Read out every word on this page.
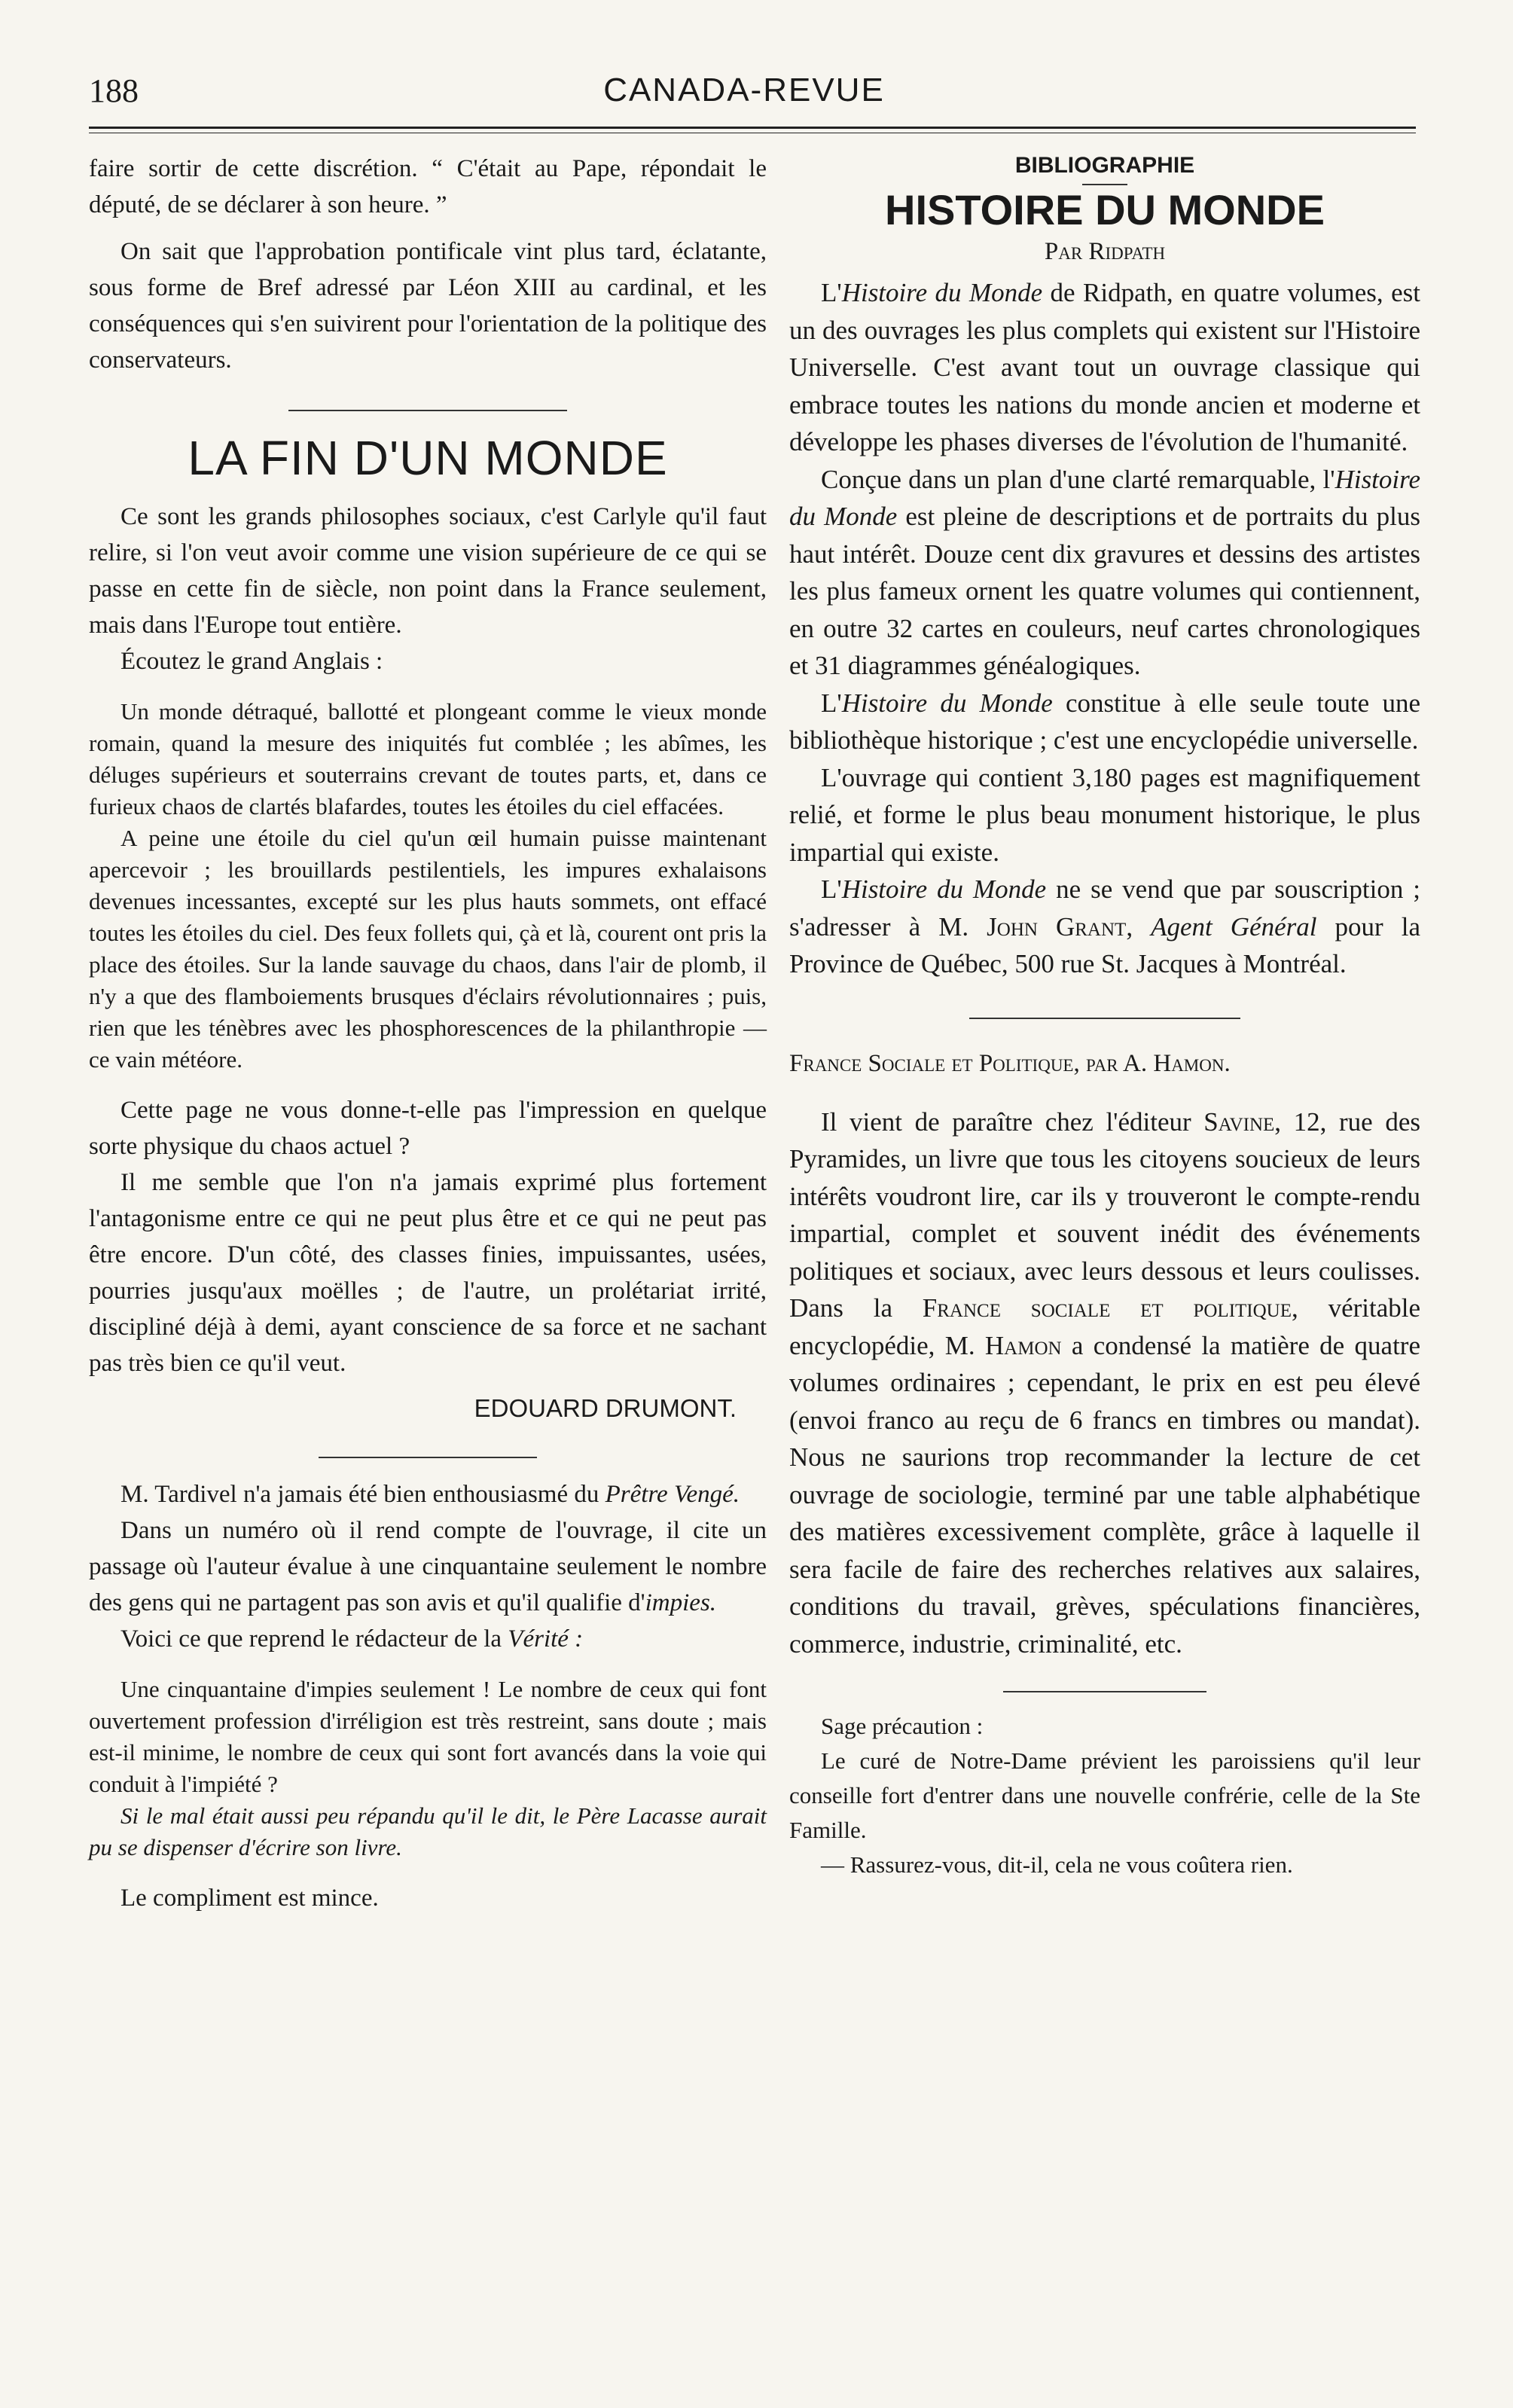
188	CANADA-REVUE

faire sortir de cette discrétion. “ C'était au Pape, répondait le député, de se déclarer à son heure. ”

On sait que l'approbation pontificale vint plus tard, éclatante, sous forme de Bref adressé par Léon XIII au cardinal, et les conséquences qui s'en suivirent pour l'orientation de la politique des conservateurs.

LA FIN D'UN MONDE

Ce sont les grands philosophes sociaux, c'est Carlyle qu'il faut relire, si l'on veut avoir comme une vision supérieure de ce qui se passe en cette fin de siècle, non point dans la France seulement, mais dans l'Europe tout entière.

Écoutez le grand Anglais :

Un monde détraqué, ballotté et plongeant comme le vieux monde romain, quand la mesure des iniquités fut comblée ; les abîmes, les déluges supérieurs et souterrains crevant de toutes parts, et, dans ce furieux chaos de clartés blafardes, toutes les étoiles du ciel effacées.

A peine une étoile du ciel qu'un œil humain puisse maintenant apercevoir ; les brouillards pestilentiels, les impures exhalaisons devenues incessantes, excepté sur les plus hauts sommets, ont effacé toutes les étoiles du ciel. Des feux follets qui, çà et là, courent ont pris la place des étoiles. Sur la lande sauvage du chaos, dans l'air de plomb, il n'y a que des flamboiements brusques d'éclairs révolutionnaires ; puis, rien que les ténèbres avec les phosphorescences de la philanthropie — ce vain météore.

Cette page ne vous donne-t-elle pas l'impression en quelque sorte physique du chaos actuel ?

Il me semble que l'on n'a jamais exprimé plus fortement l'antagonisme entre ce qui ne peut plus être et ce qui ne peut pas être encore. D'un côté, des classes finies, impuissantes, usées, pourries jusqu'aux moëlles ; de l'autre, un prolétariat irrité, discipliné déjà à demi, ayant conscience de sa force et ne sachant pas très bien ce qu'il veut.

EDOUARD DRUMONT.

M. Tardivel n'a jamais été bien enthousiasmé du Prêtre Vengé.

Dans un numéro où il rend compte de l'ouvrage, il cite un passage où l'auteur évalue à une cinquantaine seulement le nombre des gens qui ne partagent pas son avis et qu'il qualifie d'impies.

Voici ce que reprend le rédacteur de la Vérité :

Une cinquantaine d'impies seulement ! Le nombre de ceux qui font ouvertement profession d'irréligion est très restreint, sans doute ; mais est-il minime, le nombre de ceux qui sont fort avancés dans la voie qui conduit à l'impiété ?

Si le mal était aussi peu répandu qu'il le dit, le Père Lacasse aurait pu se dispenser d'écrire son livre.

Le compliment est mince.

BIBLIOGRAPHIE
HISTOIRE DU MONDE
Par Ridpath

L'Histoire du Monde de Ridpath, en quatre volumes, est un des ouvrages les plus complets qui existent sur l'Histoire Universelle. C'est avant tout un ouvrage classique qui embrace toutes les nations du monde ancien et moderne et développe les phases diverses de l'évolution de l'humanité.

Conçue dans un plan d'une clarté remarquable, l'Histoire du Monde est pleine de descriptions et de portraits du plus haut intérêt. Douze cent dix gravures et dessins des artistes les plus fameux ornent les quatre volumes qui contiennent, en outre 32 cartes en couleurs, neuf cartes chronologiques et 31 diagrammes généalogiques.

L'Histoire du Monde constitue à elle seule toute une bibliothèque historique ; c'est une encyclopédie universelle.

L'ouvrage qui contient 3,180 pages est magnifiquement relié, et forme le plus beau monument historique, le plus impartial qui existe.

L'Histoire du Monde ne se vend que par souscription ; s'adresser à M. John Grant, Agent Général pour la Province de Québec, 500 rue St. Jacques à Montréal.

France Sociale et Politique, par A. Hamon.

Il vient de paraître chez l'éditeur Savine, 12, rue des Pyramides, un livre que tous les citoyens soucieux de leurs intérêts voudront lire, car ils y trouveront le compte-rendu impartial, complet et souvent inédit des événements politiques et sociaux, avec leurs dessous et leurs coulisses. Dans la France sociale et politique, véritable encyclopédie, M. Hamon a condensé la matière de quatre volumes ordinaires ; cependant, le prix en est peu élevé (envoi franco au reçu de 6 francs en timbres ou mandat). Nous ne saurions trop recommander la lecture de cet ouvrage de sociologie, terminé par une table alphabétique des matières excessivement complète, grâce à laquelle il sera facile de faire des recherches relatives aux salaires, conditions du travail, grèves, spéculations financières, commerce, industrie, criminalité, etc.

Sage précaution :

Le curé de Notre-Dame prévient les paroissiens qu'il leur conseille fort d'entrer dans une nouvelle confrérie, celle de la Ste Famille.

— Rassurez-vous, dit-il, cela ne vous coûtera rien.
